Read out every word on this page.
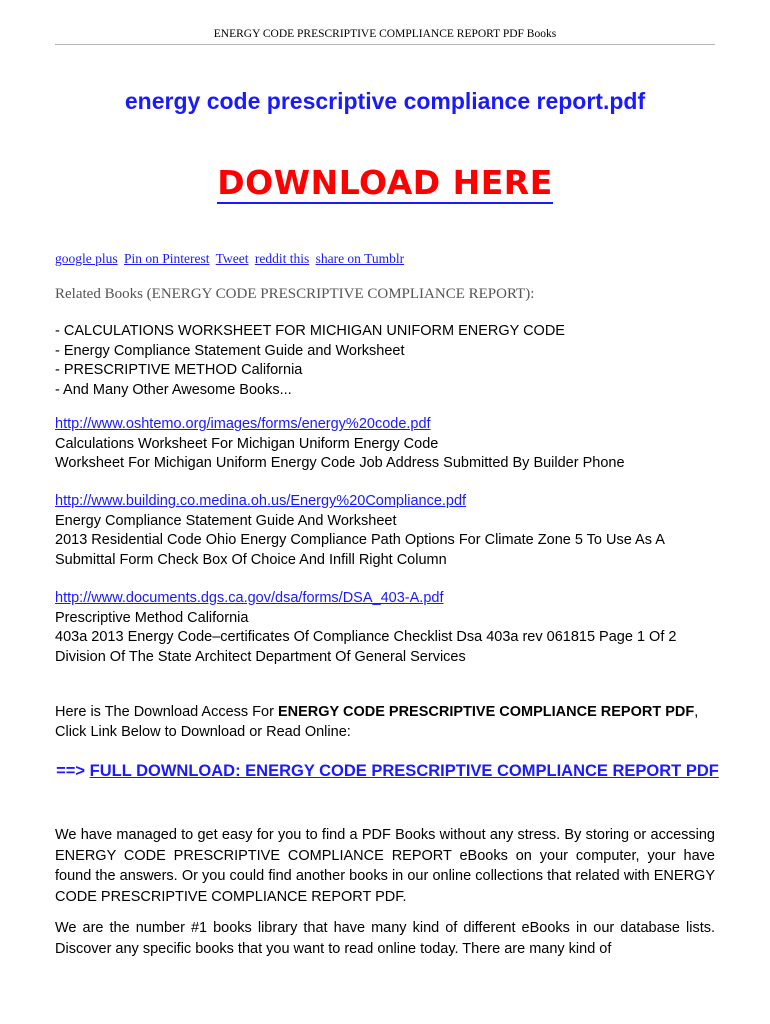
ENERGY CODE PRESCRIPTIVE COMPLIANCE REPORT PDF Books
energy code prescriptive compliance report.pdf
DOWNLOAD HERE
google plus Pin on Pinterest Tweet reddit this share on Tumblr
Related Books (ENERGY CODE PRESCRIPTIVE COMPLIANCE REPORT):
- CALCULATIONS WORKSHEET FOR MICHIGAN UNIFORM ENERGY CODE
- Energy Compliance Statement Guide and Worksheet
- PRESCRIPTIVE METHOD California
- And Many Other Awesome Books...
http://www.oshtemo.org/images/forms/energy%20code.pdf
Calculations Worksheet For Michigan Uniform Energy Code
Worksheet For Michigan Uniform Energy Code Job Address Submitted By Builder Phone
http://www.building.co.medina.oh.us/Energy%20Compliance.pdf
Energy Compliance Statement Guide And Worksheet
2013 Residential Code Ohio Energy Compliance Path Options For Climate Zone 5 To Use As A Submittal Form Check Box Of Choice And Infill Right Column
http://www.documents.dgs.ca.gov/dsa/forms/DSA_403-A.pdf
Prescriptive Method California
403a 2013 Energy Code–certificates Of Compliance Checklist Dsa 403a rev 061815 Page 1 Of 2 Division Of The State Architect Department Of General Services
Here is The Download Access For ENERGY CODE PRESCRIPTIVE COMPLIANCE REPORT PDF, Click Link Below to Download or Read Online:
==> FULL DOWNLOAD: ENERGY CODE PRESCRIPTIVE COMPLIANCE REPORT PDF
We have managed to get easy for you to find a PDF Books without any stress. By storing or accessing ENERGY CODE PRESCRIPTIVE COMPLIANCE REPORT eBooks on your computer, your have found the answers. Or you could find another books in our online collections that related with ENERGY CODE PRESCRIPTIVE COMPLIANCE REPORT PDF.
We are the number #1 books library that have many kind of different eBooks in our database lists. Discover any specific books that you want to read online today. There are many kind of
